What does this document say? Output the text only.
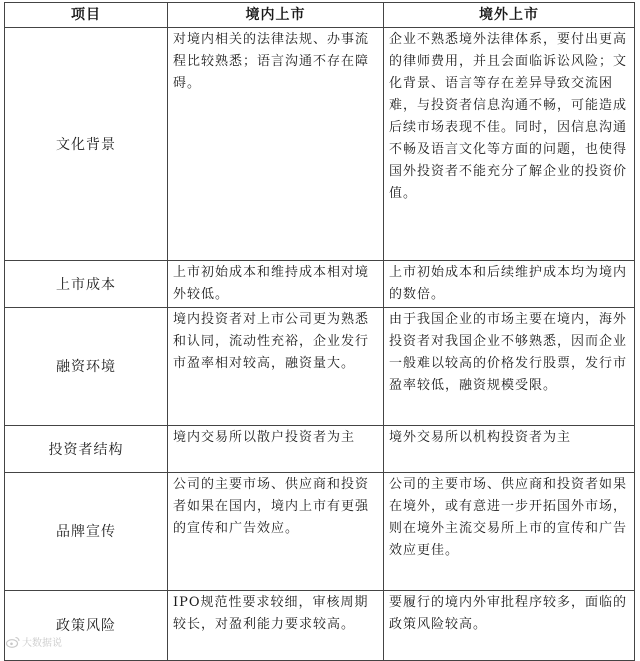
项目	境内上市	境外上市
文化背景	对境内相关的法律法规、办事流程比较熟悉；语言沟通不存在障碍。	企业不熟悉境外法律体系，要付出更高的律师费用，并且会面临诉讼风险；文化背景、语言等存在差异导致交流困难，与投资者信息沟通不畅，可能造成后续市场表现不佳。同时，因信息沟通不畅及语言文化等方面的问题，也使得国外投资者不能充分了解企业的投资价值。
上市成本	上市初始成本和维持成本相对境外较低。	上市初始成本和后续维护成本均为境内的数倍。
融资环境	境内投资者对上市公司更为熟悉和认同，流动性充裕，企业发行市盈率相对较高，融资量大。	由于我国企业的市场主要在境内，海外投资者对我国企业不够熟悉，因而企业一般难以较高的价格发行股票，发行市盈率较低，融资规模受限。
投资者结构	境内交易所以散户投资者为主	境外交易所以机构投资者为主
品牌宣传	公司的主要市场、供应商和投资者如果在国内，境内上市有更强的宣传和广告效应。	公司的主要市场、供应商和投资者如果在境外，或有意进一步开拓国外市场，则在境外主流交易所上市的宣传和广告效应更佳。
政策风险	IPO规范性要求较细，审核周期较长，对盈利能力要求较高。	要履行的境内外审批程序较多，面临的政策风险较高。
大数据说
